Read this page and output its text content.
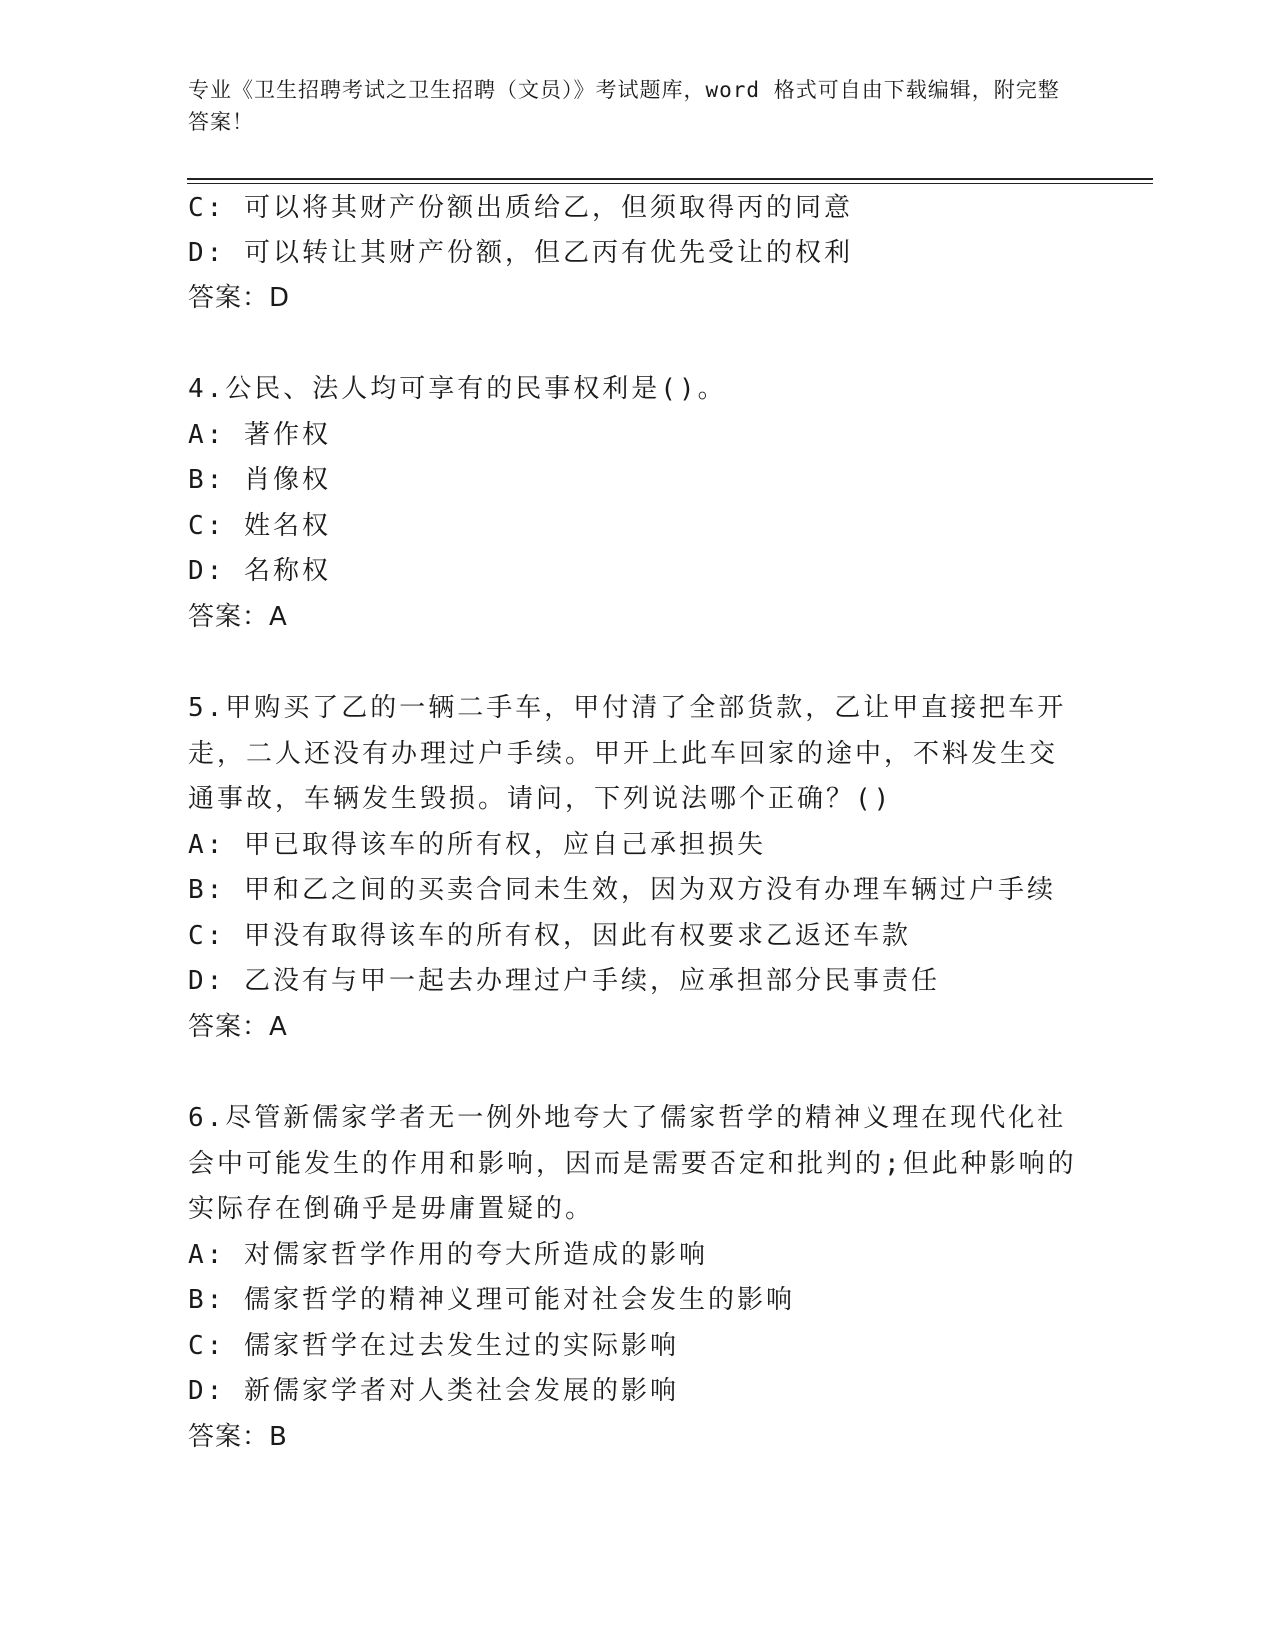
专业《卫生招聘考试之卫生招聘（文员）》考试题库，word 格式可自由下载编辑，附完整答案！
C: 可以将其财产份额出质给乙，但须取得丙的同意
D: 可以转让其财产份额，但乙丙有优先受让的权利
答案：D
4.公民、法人均可享有的民事权利是()。
A: 著作权
B: 肖像权
C: 姓名权
D: 名称权
答案：A
5.甲购买了乙的一辆二手车，甲付清了全部货款，乙让甲直接把车开
走，二人还没有办理过户手续。甲开上此车回家的途中，不料发生交
通事故，车辆发生毁损。请问，下列说法哪个正确？()
A: 甲已取得该车的所有权，应自己承担损失
B: 甲和乙之间的买卖合同未生效，因为双方没有办理车辆过户手续
C: 甲没有取得该车的所有权，因此有权要求乙返还车款
D: 乙没有与甲一起去办理过户手续，应承担部分民事责任
答案：A
6.尽管新儒家学者无一例外地夸大了儒家哲学的精神义理在现代化社
会中可能发生的作用和影响，因而是需要否定和批判的;但此种影响的
实际存在倒确乎是毋庸置疑的。
A: 对儒家哲学作用的夸大所造成的影响
B: 儒家哲学的精神义理可能对社会发生的影响
C: 儒家哲学在过去发生过的实际影响
D: 新儒家学者对人类社会发展的影响
答案：B
